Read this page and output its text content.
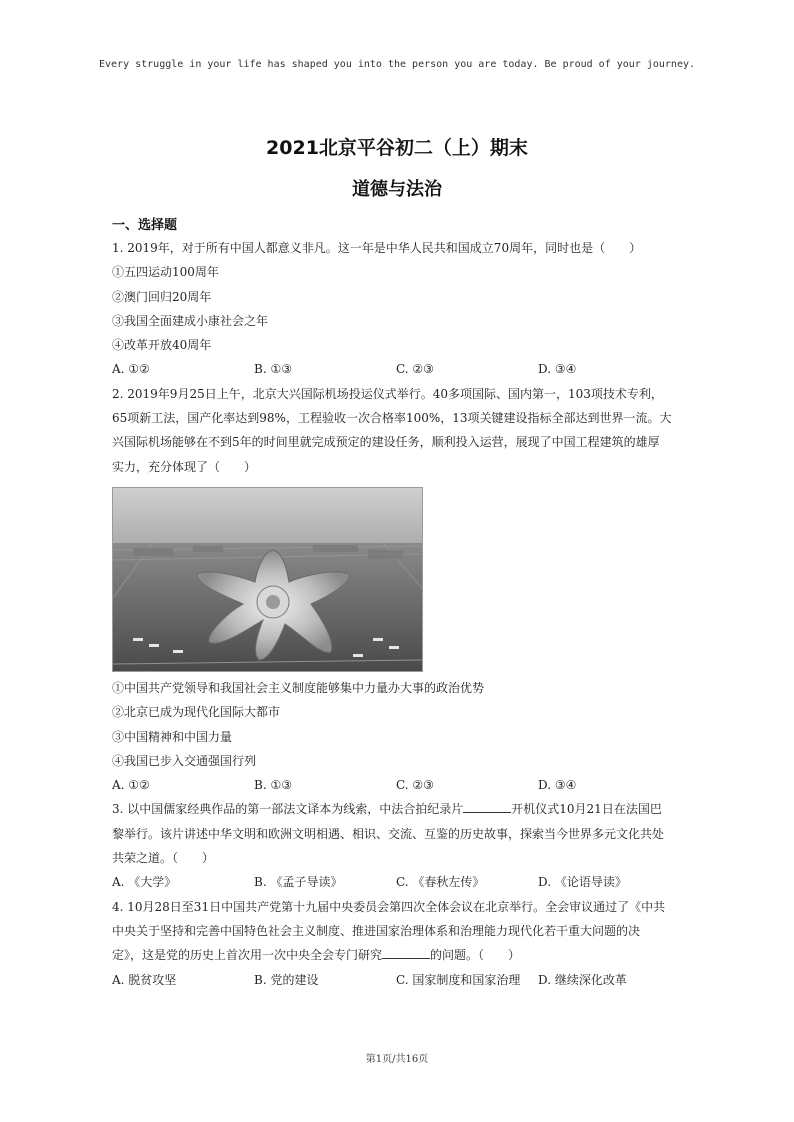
Every struggle in your life has shaped you into the person you are today. Be proud of your journey.
2021北京平谷初二（上）期末
道德与法治
一、选择题

1. 2019年，对于所有中国人都意义非凡。这一年是中华人民共和国成立70周年，同时也是（　　）

①五四运动100周年

②澳门回归20周年

③我国全面建成小康社会之年

④改革开放40周年

A. ①②	B. ①③	C. ②③	D. ③④

2. 2019年9月25日上午，北京大兴国际机场投运仪式举行。40多项国际、国内第一，103项技术专利，

65项新工法，国产化率达到98%，工程验收一次合格率100%，13项关键建设指标全部达到世界一流。大

兴国际机场能够在不到5年的时间里就完成预定的建设任务，顺利投入运营，展现了中国工程建筑的雄厚

实力，充分体现了（　　）

①中国共产党领导和我国社会主义制度能够集中力量办大事的政治优势

②北京已成为现代化国际大都市

③中国精神和中国力量

④我国已步入交通强国行列

A. ①②	B. ①③	C. ②③	D. ③④

3. 以中国儒家经典作品的第一部法文译本为线索，中法合拍纪录片	开机仪式10月21日在法国巴

黎举行。该片讲述中华文明和欧洲文明相遇、相识、交流、互鉴的历史故事，探索当今世界多元文化共处

共荣之道。（　　）

A. 《大学》	B. 《孟子导读》	C. 《春秋左传》	D. 《论语导读》

4. 10月28日至31日中国共产党第十九届中央委员会第四次全体会议在北京举行。全会审议通过了《中共

中央关于坚持和完善中国特色社会主义制度、推进国家治理体系和治理能力现代化若干重大问题的决

定》，这是党的历史上首次用一次中央全会专门研究	的问题。（　　）

A. 脱贫攻坚	B. 党的建设	C. 国家制度和国家治理	D. 继续深化改革
第1页/共16页
